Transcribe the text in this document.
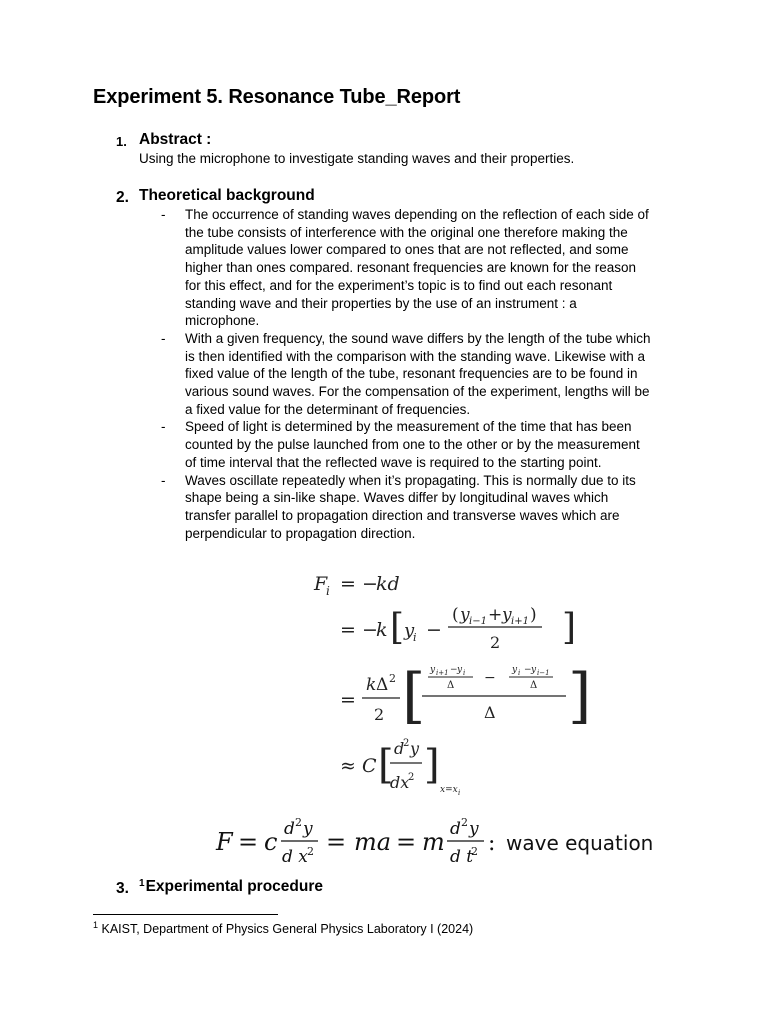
Experiment 5. Resonance Tube_Report
1. Abstract :
Using the microphone to investigate standing waves and their properties.
2. Theoretical background
- The occurrence of standing waves depending on the reflection of each side of
the tube consists of interference with the original one therefore making the
amplitude values lower compared to ones that are not reflected, and some
higher than ones compared. resonant frequencies are known for the reason
for this effect, and for the experiment’s topic is to find out each resonant
standing wave and their properties by the use of an instrument : a
microphone.
- With a given frequency, the sound wave differs by the length of the tube which
is then identified with the comparison with the standing wave. Likewise with a
fixed value of the length of the tube, resonant frequencies are to be found in
various sound waves. For the compensation of the experiment, lengths will be
a fixed value for the determinant of frequencies.
- Speed of light is determined by the measurement of the time that has been
counted by the pulse launched from one to the other or by the measurement
of time interval that the reflected wave is required to the starting point.
- Waves oscillate repeatedly when it’s propagating. This is normally due to its
shape being a sin-like shape. Waves differ by longitudinal waves which
transfer parallel to propagation direction and transverse waves which are
perpendicular to propagation direction.
F
i = −
kd
= −
k [ y
i −
( y i−1 + y i+1 )
2 ]
=
k Δ 2
2 [ y i+1 − y i
Δ − y i − y i−1
Δ
Δ ]
≈ C [ d
2 y
dx
2 ]
x=x i
F = c d 2 y
d x 2 = ma = m d 2 y
d t
2 : wave equation
3. $^1$Experimental procedure
$^1$ KAIST, Department of Physics General Physics Laboratory I (2024)
